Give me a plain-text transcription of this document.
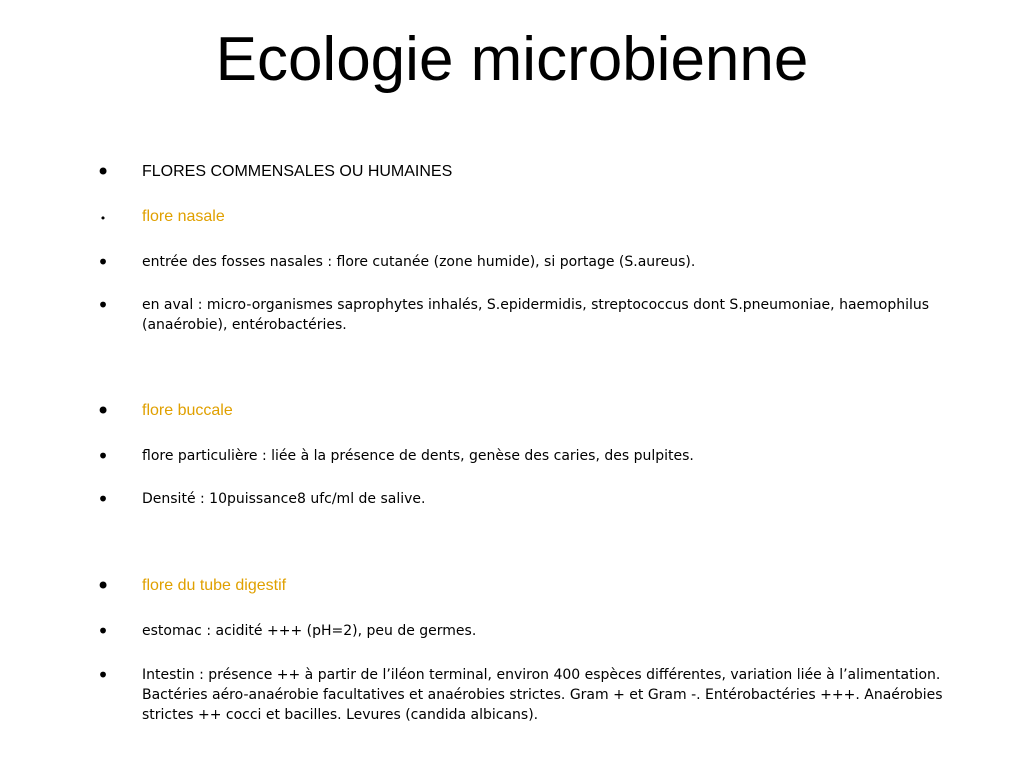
Ecologie microbienne
• FLORES COMMENSALES OU HUMAINES
• flore nasale
• entrée des fosses nasales : flore cutanée (zone humide), si portage (S.aureus).
• en aval : micro-organismes saprophytes inhalés, S.epidermidis, streptococcus dont S.pneumoniae, haemophilus (anaérobie), entérobactéries.
• flore buccale
• flore particulière : liée à la présence de dents, genèse des caries, des pulpites.
• Densité : 10puissance8 ufc/ml de salive.
• flore du tube digestif
• estomac : acidité +++ (pH=2), peu de germes.
• Intestin : présence ++ à partir de l’iléon terminal, environ 400 espèces différentes, variation liée à l’alimentation. Bactéries aéro-anaérobie facultatives et anaérobies strictes. Gram + et Gram -. Entérobactéries +++. Anaérobies strictes ++ cocci et bacilles. Levures (candida albicans).
